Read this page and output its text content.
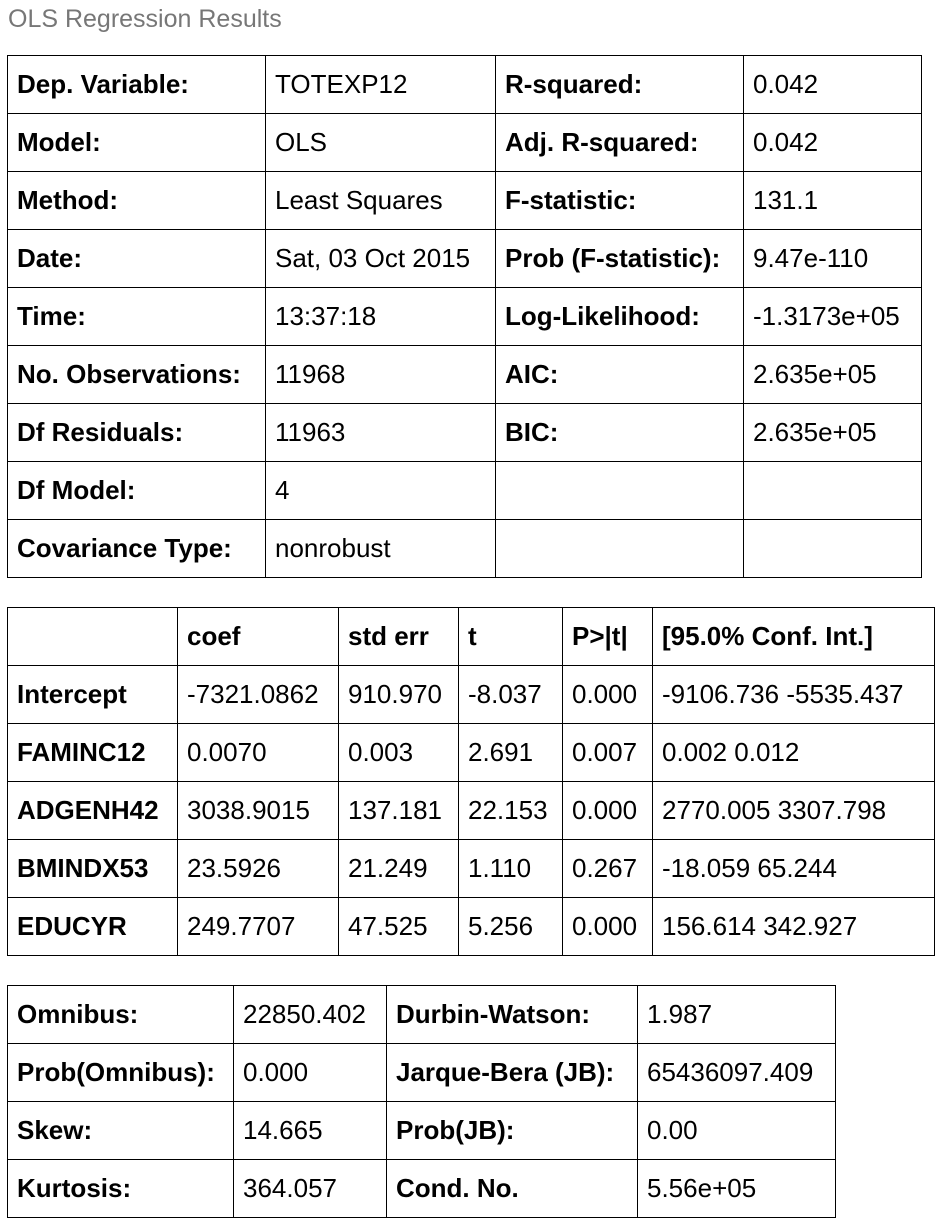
OLS Regression Results
Dep. Variable:	TOTEXP12	R-squared:	0.042
Model:	OLS	Adj. R-squared:	0.042
Method:	Least Squares	F-statistic:	131.1
Date:	Sat, 03 Oct 2015	Prob (F-statistic):	9.47e-110
Time:	13:37:18	Log-Likelihood:	-1.3173e+05
No. Observations:	11968	AIC:	2.635e+05
Df Residuals:	11963	BIC:	2.635e+05
Df Model:	4		
Covariance Type:	nonrobust		
	coef	std err	t	P>|t|	[95.0% Conf. Int.]
Intercept	-7321.0862	910.970	-8.037	0.000	-9106.736 -5535.437
FAMINC12	0.0070	0.003	2.691	0.007	0.002 0.012
ADGENH42	3038.9015	137.181	22.153	0.000	2770.005 3307.798
BMINDX53	23.5926	21.249	1.110	0.267	-18.059 65.244
EDUCYR	249.7707	47.525	5.256	0.000	156.614 342.927
Omnibus:	22850.402	Durbin-Watson:	1.987
Prob(Omnibus):	0.000	Jarque-Bera (JB):	65436097.409
Skew:	14.665	Prob(JB):	0.00
Kurtosis:	364.057	Cond. No.	5.56e+05
